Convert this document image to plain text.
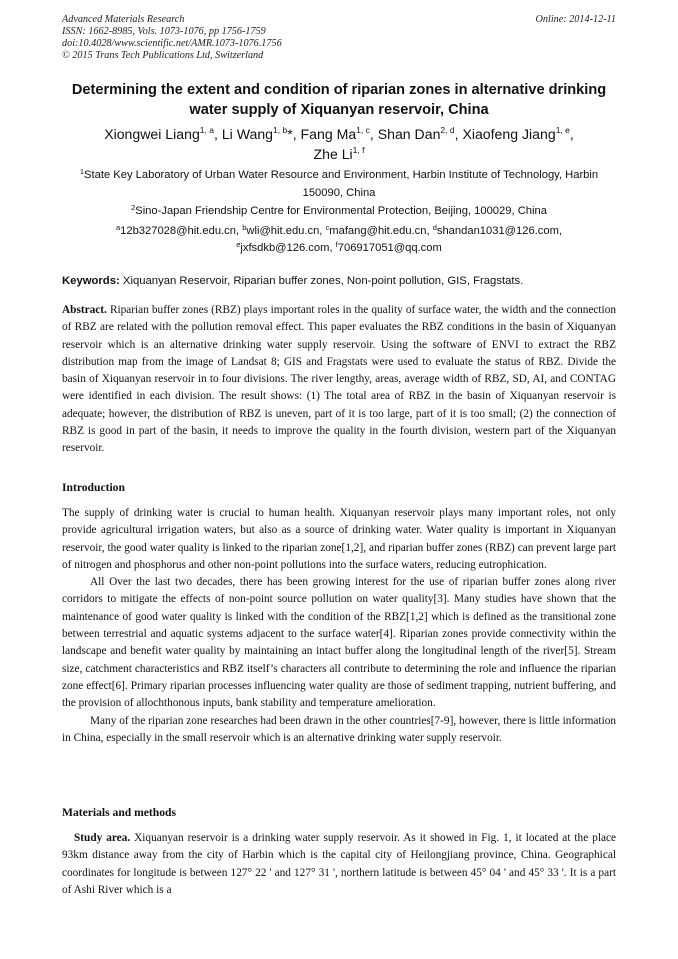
Advanced Materials Research
ISSN: 1662-8985, Vols. 1073-1076, pp 1756-1759
doi:10.4028/www.scientific.net/AMR.1073-1076.1756
© 2015 Trans Tech Publications Ltd, Switzerland
Online: 2014-12-11
Determining the extent and condition of riparian zones in alternative drinking water supply of Xiquanyan reservoir, China
Xiongwei Liang$^{1, a}$, Li Wang$^{1, b}$*, Fang Ma$^{1, c}$, Shan Dan$^{2, d}$, Xiaofeng Jiang$^{1, e}$,
Zhe Li$^{1, f}$
$^1$State Key Laboratory of Urban Water Resource and Environment, Harbin Institute of Technology, Harbin 150090, China
$^2$Sino-Japan Friendship Centre for Environmental Protection, Beijing, 100029, China
$^a$12b327028@hit.edu.cn, $^b$wli@hit.edu.cn, $^c$mafang@hit.edu.cn, $^d$shandan1031@126.com,
$^e$jxfsdkb@126.com, $^f$706917051@qq.com
Keywords: Xiquanyan Reservoir, Riparian buffer zones, Non-point pollution, GIS, Fragstats.
Abstract. Riparian buffer zones (RBZ) plays important roles in the quality of surface water, the width and the connection of RBZ are related with the pollution removal effect. This paper evaluates the RBZ conditions in the basin of Xiquanyan reservoir which is an alternative drinking water supply reservoir. Using the software of ENVI to extract the RBZ distribution map from the image of Landsat 8; GIS and Fragstats were used to evaluate the status of RBZ. Divide the basin of Xiquanyan reservoir in to four divisions. The river lengthy, areas, average width of RBZ, SD, AI, and CONTAG were identified in each division. The result shows: (1) The total area of RBZ in the basin of Xiquanyan reservoir is adequate; however, the distribution of RBZ is uneven, part of it is too large, part of it is too small; (2) the connection of RBZ is good in part of the basin, it needs to improve the quality in the fourth division, western part of the Xiquanyan reservoir.
Introduction

The supply of drinking water is crucial to human health. Xiquanyan reservoir plays many important roles, not only provide agricultural irrigation waters, but also as a source of drinking water. Water quality is important in Xiquanyan reservoir, the good water quality is linked to the riparian zone[1,2], and riparian buffer zones (RBZ) can prevent large part of nitrogen and phosphorus and other non-point pollutions into the surface waters, reducing eutrophication.

All Over the last two decades, there has been growing interest for the use of riparian buffer zones along river corridors to mitigate the effects of non-point source pollution on water quality[3]. Many studies have shown that the maintenance of good water quality is linked with the condition of the RBZ[1,2] which is defined as the transitional zone between terrestrial and aquatic systems adjacent to the surface water[4]. Riparian zones provide connectivity within the landscape and benefit water quality by maintaining an intact buffer along the longitudinal length of the river[5]. Stream size, catchment characteristics and RBZ itself’s characters all contribute to determining the role and influence the riparian zone effect[6]. Primary riparian processes influencing water quality are those of sediment trapping, nutrient buffering, and the provision of allochthonous inputs, bank stability and temperature amelioration.

Many of the riparian zone researches had been drawn in the other countries[7-9], however, there is little information in China, especially in the small reservoir which is an alternative drinking water supply reservoir.

Materials and methods
Study area. Xiquanyan reservoir is a drinking water supply reservoir. As it showed in Fig. 1, it located at the place 93km distance away from the city of Harbin which is the capital city of Heilongjiang province, China. Geographical coordinates for longitude is between 127° 22 ' and 127° 31 ', northern latitude is between 45° 04 ' and 45° 33 '. It is a part of Ashi River which is a
